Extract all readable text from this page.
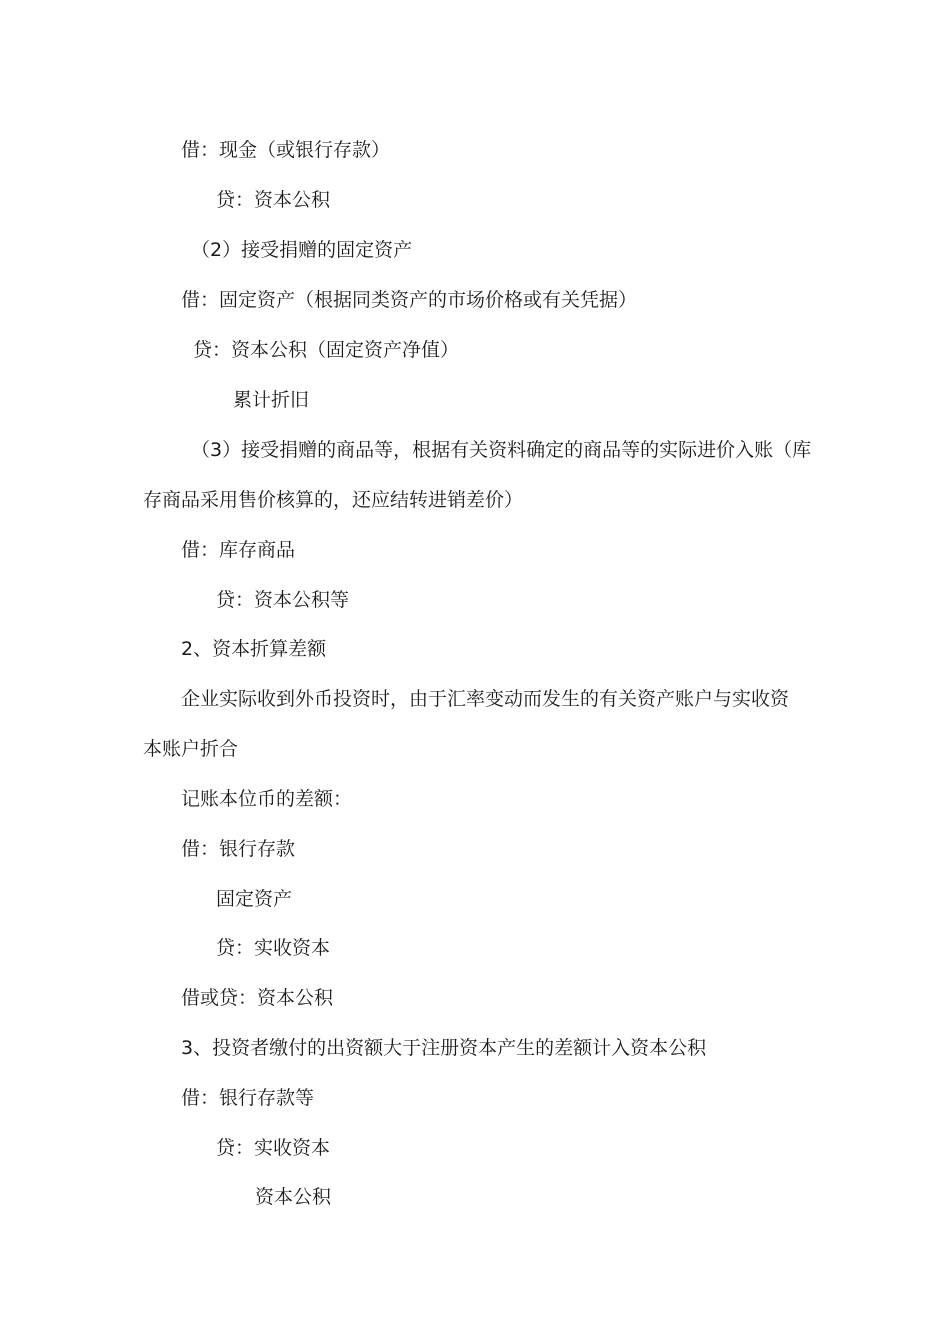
借：现金（或银行存款）

贷：资本公积

（2）接受捐赠的固定资产

借：固定资产（根据同类资产的市场价格或有关凭据）

贷：资本公积（固定资产净值）

累计折旧

（3）接受捐赠的商品等，根据有关资料确定的商品等的实际进价入账（库

存商品采用售价核算的，还应结转进销差价）

借：库存商品

贷：资本公积等

2、资本折算差额

企业实际收到外币投资时，由于汇率变动而发生的有关资产账户与实收资

本账户折合

记账本位币的差额：

借：银行存款

固定资产

贷：实收资本

借或贷：资本公积

3、投资者缴付的出资额大于注册资本产生的差额计入资本公积

借：银行存款等

贷：实收资本

资本公积
